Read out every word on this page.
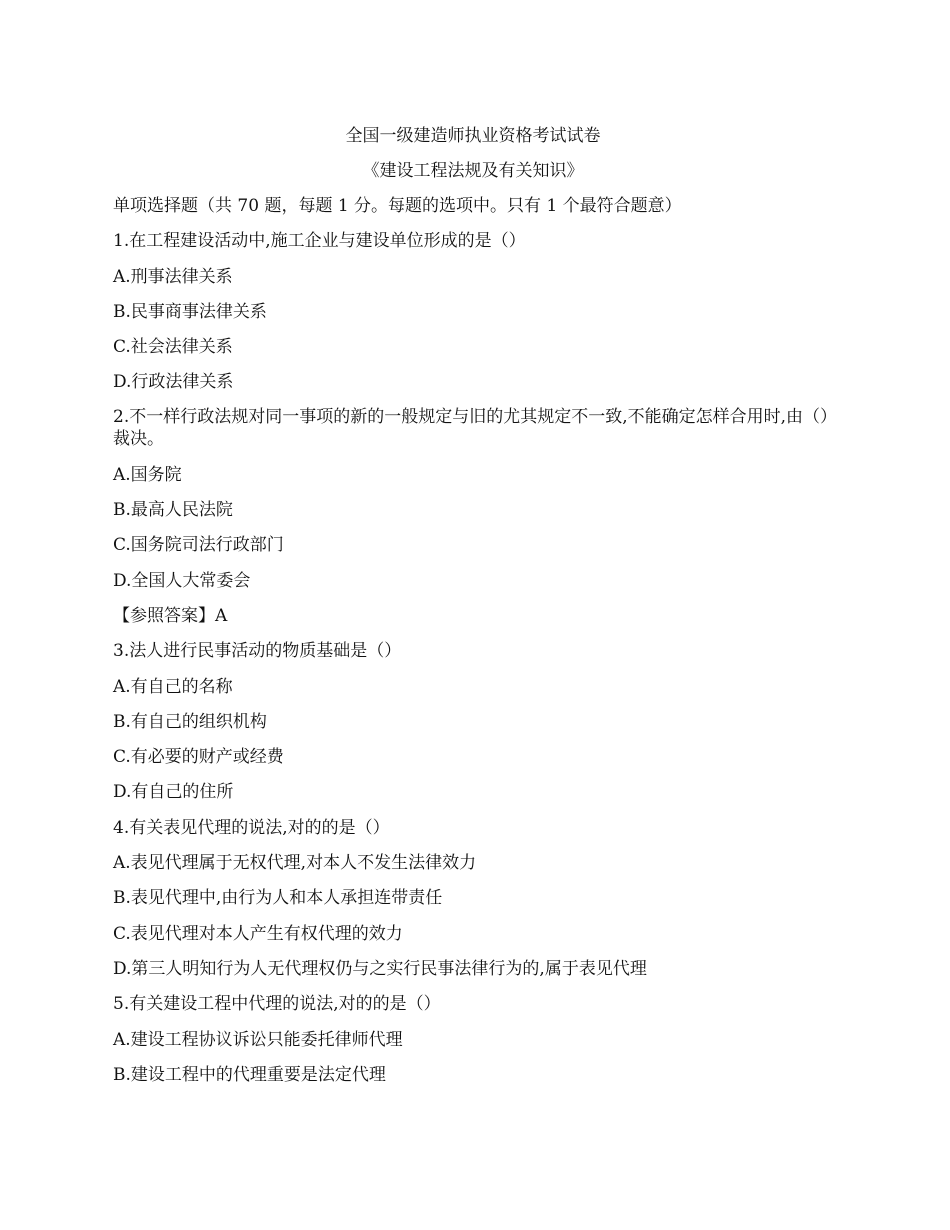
全国一级建造师执业资格考试试卷
《建设工程法规及有关知识》
单项选择题（共 70 题，每题 1 分。每题的选项中。只有 1 个最符合题意）
1.在工程建设活动中,施工企业与建设单位形成的是（）
A.刑事法律关系
B.民事商事法律关系
C.社会法律关系
D.行政法律关系
2.不一样行政法规对同一事项的新的一般规定与旧的尤其规定不一致,不能确定怎样合用时,由（）裁决。
A.国务院
B.最高人民法院
C.国务院司法行政部门
D.全国人大常委会
【参照答案】A
3.法人进行民事活动的物质基础是（）
A.有自己的名称
B.有自己的组织机构
C.有必要的财产或经费
D.有自己的住所
4.有关表见代理的说法,对的的是（）
A.表见代理属于无权代理,对本人不发生法律效力
B.表见代理中,由行为人和本人承担连带责任
C.表见代理对本人产生有权代理的效力
D.第三人明知行为人无代理权仍与之实行民事法律行为的,属于表见代理
5.有关建设工程中代理的说法,对的的是（）
A.建设工程协议诉讼只能委托律师代理
B.建设工程中的代理重要是法定代理
